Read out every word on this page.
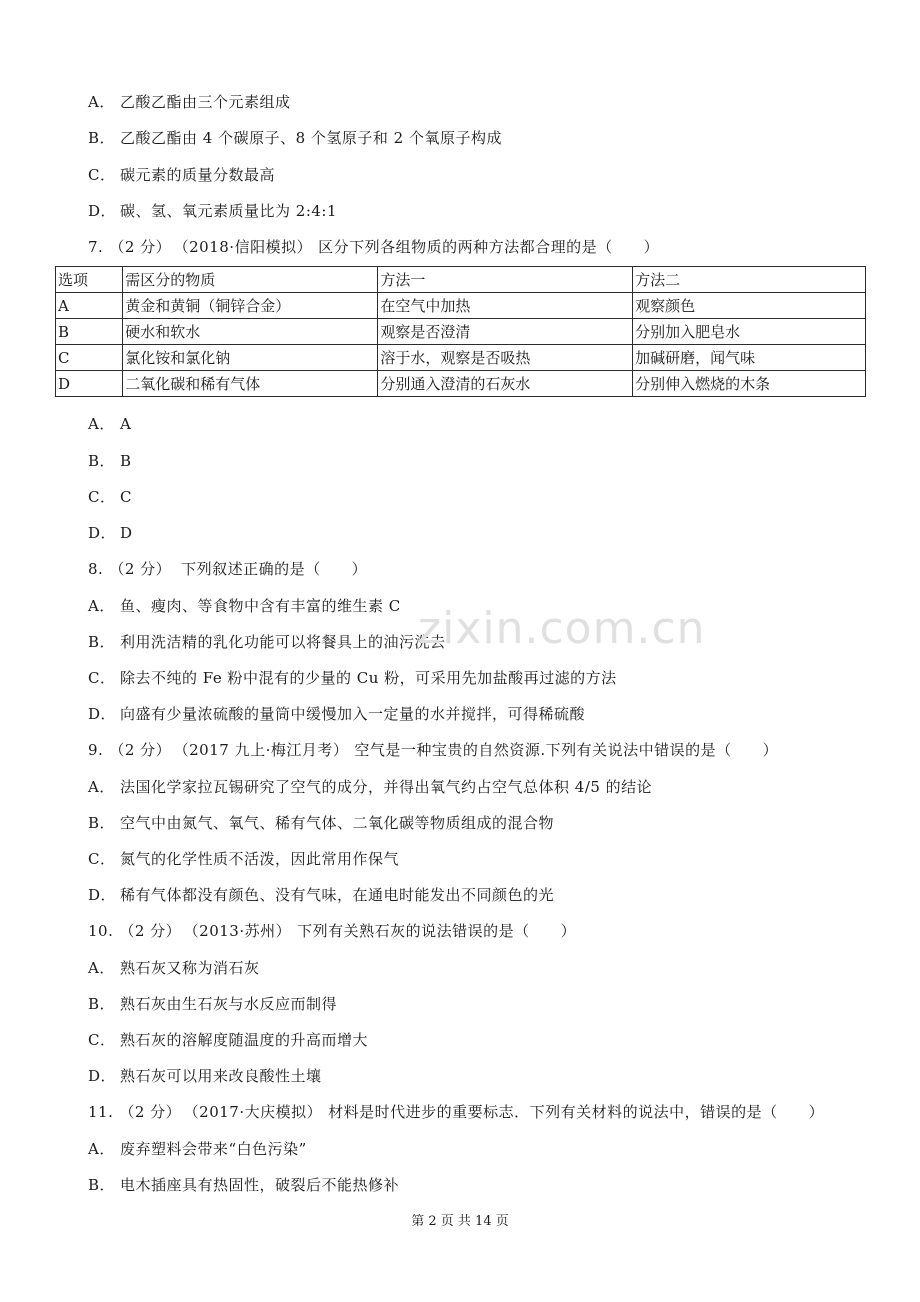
A． 乙酸乙酯由三个元素组成
B． 乙酸乙酯由 4 个碳原子、8 个氢原子和 2 个氧原子构成
C． 碳元素的质量分数最高
D． 碳、氢、氧元素质量比为 2:4:1
7. （2 分） （2018·信阳模拟） 区分下列各组物质的两种方法都合理的是（　　）
选项	需区分的物质	方法一	方法二
A	黄金和黄铜（铜锌合金）	在空气中加热	观察颜色
B	硬水和软水	观察是否澄清	分别加入肥皂水
C	氯化铵和氯化钠	溶于水，观察是否吸热	加碱研磨，闻气味
D	二氧化碳和稀有气体	分别通入澄清的石灰水	分别伸入燃烧的木条
A． A
B． B
C． C
D． D
8. （2 分） 下列叙述正确的是（　　）
A． 鱼、瘦肉、等食物中含有丰富的维生素 C
B． 利用洗洁精的乳化功能可以将餐具上的油污洗去
C． 除去不纯的 Fe 粉中混有的少量的 Cu 粉，可采用先加盐酸再过滤的方法
D． 向盛有少量浓硫酸的量筒中缓慢加入一定量的水并搅拌，可得稀硫酸
9. （2 分） （2017 九上·梅江月考） 空气是一种宝贵的自然资源.下列有关说法中错误的是（　　）
A． 法国化学家拉瓦锡研究了空气的成分，并得出氧气约占空气总体积 4/5 的结论
B． 空气中由氮气、氧气、稀有气体、二氧化碳等物质组成的混合物
C． 氮气的化学性质不活泼，因此常用作保气
D． 稀有气体都没有颜色、没有气味，在通电时能发出不同颜色的光
10. （2 分） （2013·苏州） 下列有关熟石灰的说法错误的是（　　）
A． 熟石灰又称为消石灰
B． 熟石灰由生石灰与水反应而制得
C． 熟石灰的溶解度随温度的升高而增大
D． 熟石灰可以用来改良酸性土壤
11. （2 分） （2017·大庆模拟） 材料是时代进步的重要标志．下列有关材料的说法中，错误的是（　　）
A． 废弃塑料会带来“白色污染”
B． 电木插座具有热固性，破裂后不能热修补
zixin.com.cn
第 2 页 共 14 页
